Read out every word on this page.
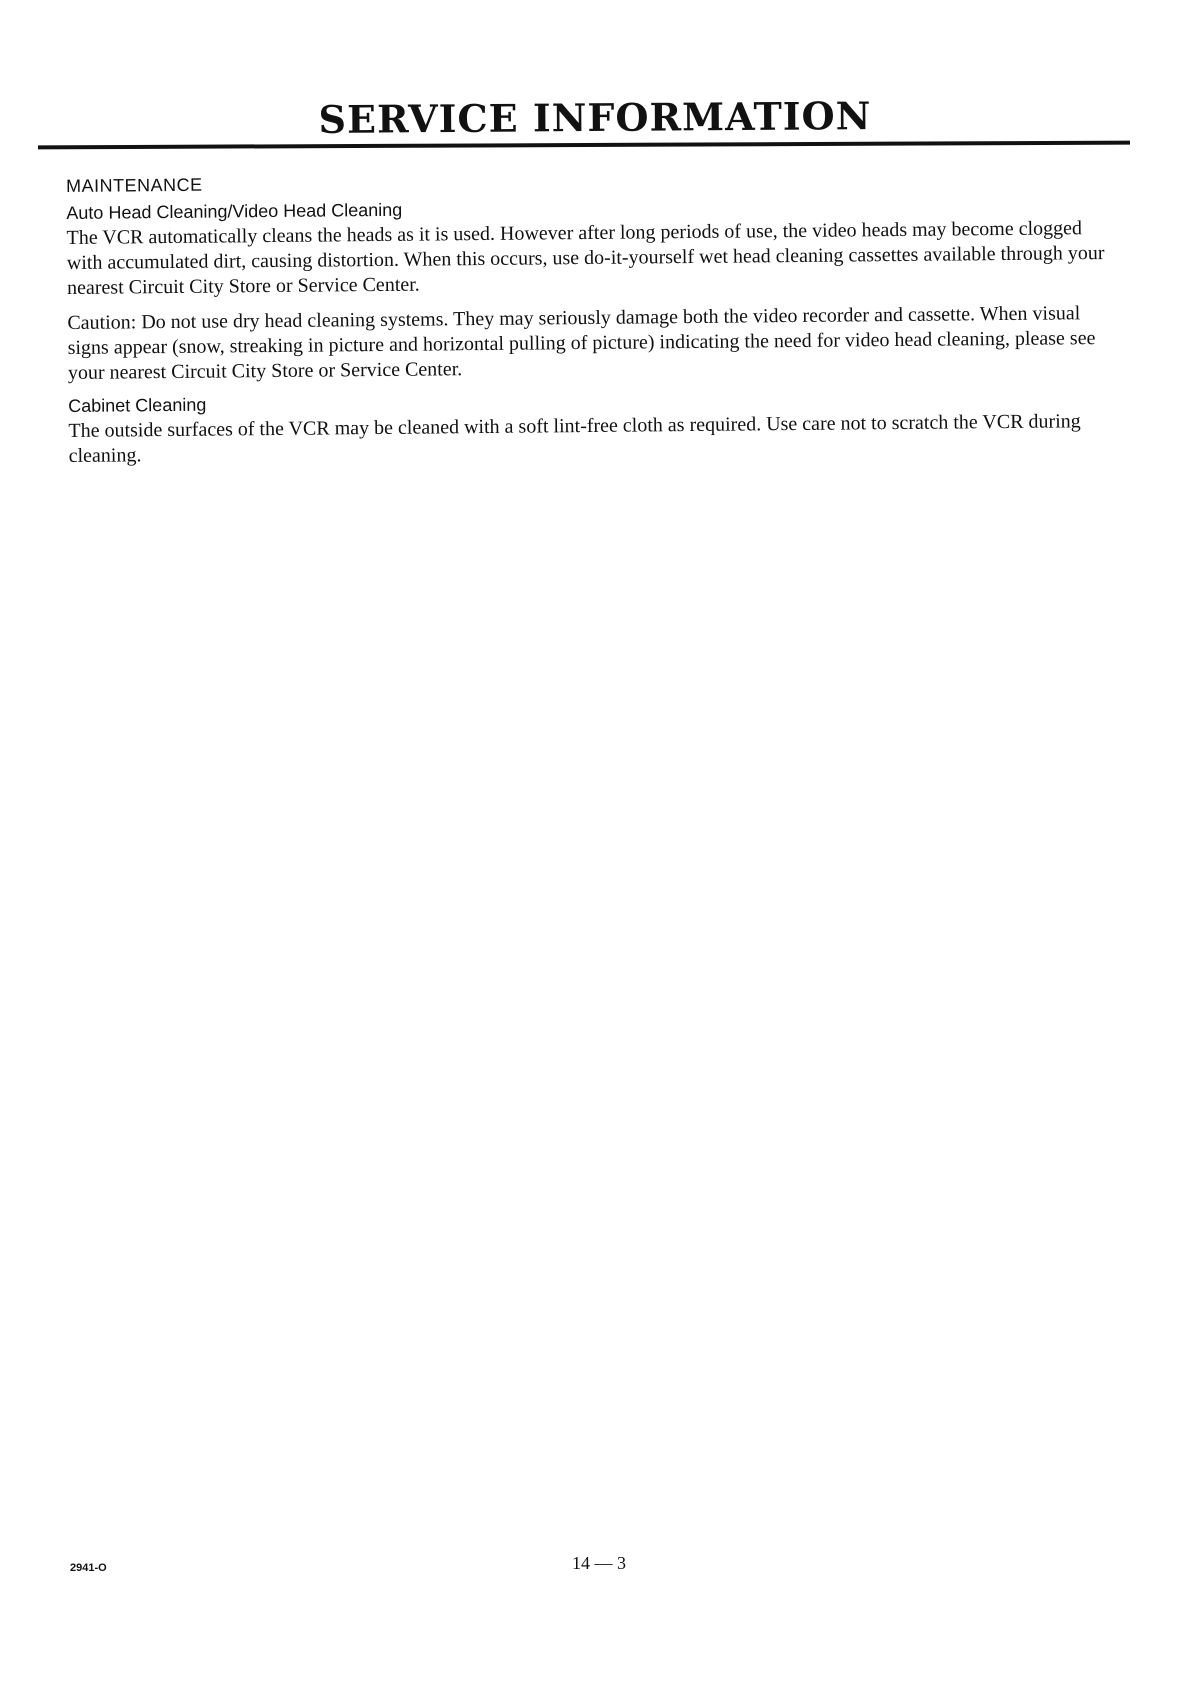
SERVICE INFORMATION
MAINTENANCE
Auto Head Cleaning/Video Head Cleaning

The VCR automatically cleans the heads as it is used. However after long periods of use, the video heads may become clogged with accumulated dirt, causing distortion. When this occurs, use do-it-yourself wet head cleaning cassettes available through your nearest Circuit City Store or Service Center.

Caution: Do not use dry head cleaning systems. They may seriously damage both the video recorder and cassette. When visual signs appear (snow, streaking in picture and horizontal pulling of picture) indicating the need for video head cleaning, please see your nearest Circuit City Store or Service Center.

Cabinet Cleaning

The outside surfaces of the VCR may be cleaned with a soft lint-free cloth as required. Use care not to scratch the VCR during cleaning.

2941-O	14 — 3
